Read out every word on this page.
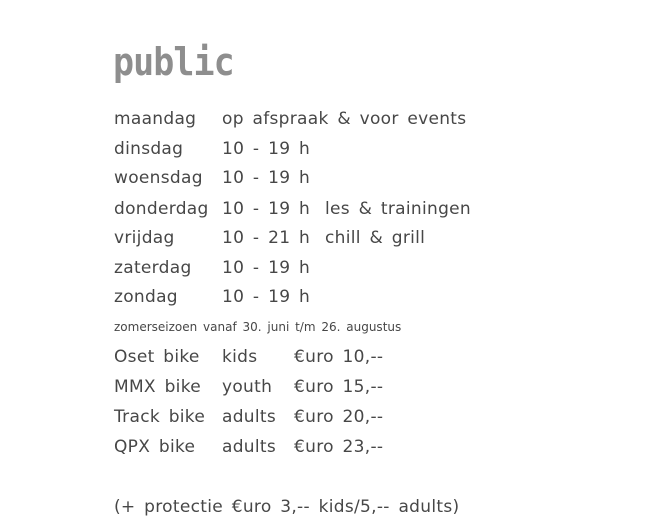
public
maandag op afspraak & voor events
dinsdag 10 - 19 h
woensdag 10 - 19 h
donderdag 10 - 19 h les & trainingen
vrijdag	10 - 21 h chill & grill
zaterdag 10 - 19 h
zondag	10 - 19 h
zomerseizoen vanaf 30. juni t/m 26. augustus
Oset bike kids €uro 10,--
MMX bike youth €uro 15,--
Track bike adults €uro 20,--
QPX bike adults €uro 23,--
(+ protectie €uro 3,-- kids/5,-- adults)
